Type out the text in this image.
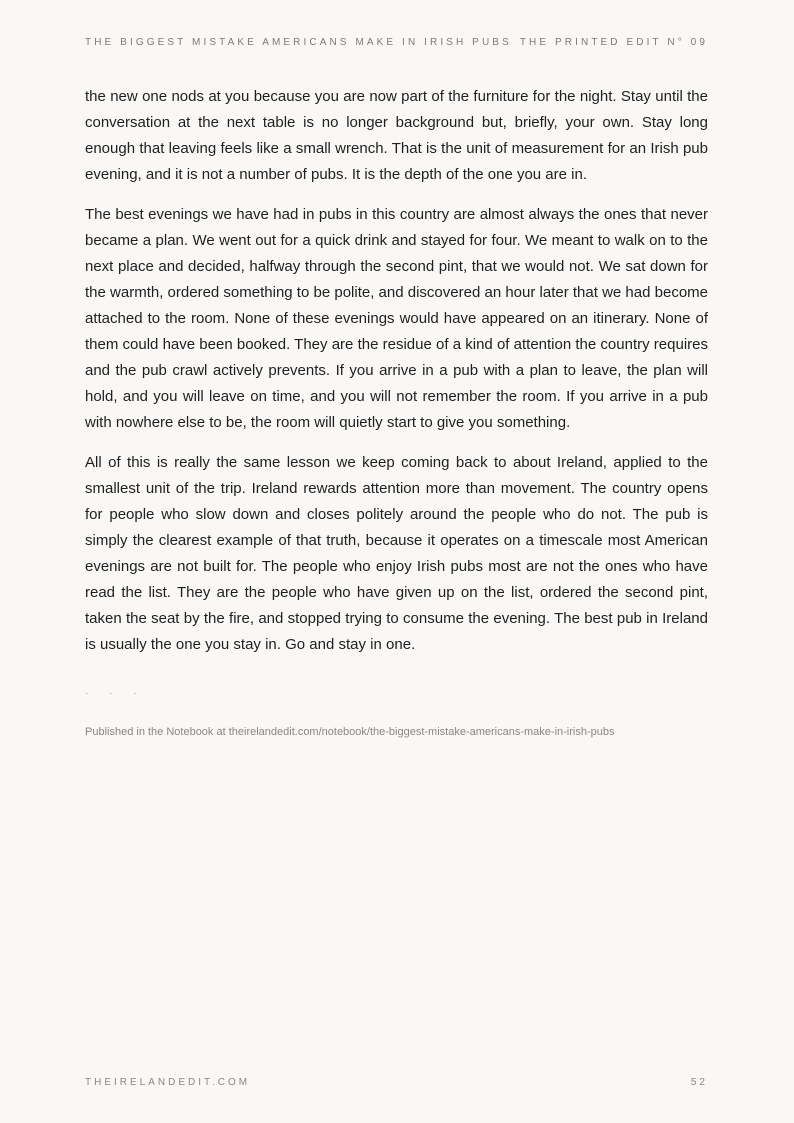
THE BIGGEST MISTAKE AMERICANS MAKE IN IRISH PUBS THE PRINTED EDIT N° 09

the new one nods at you because you are now part of the furniture for the night. Stay until the conversation at the next table is no longer background but, briefly, your own. Stay long enough that leaving feels like a small wrench. That is the unit of measurement for an Irish pub evening, and it is not a number of pubs. It is the depth of the one you are in.

The best evenings we have had in pubs in this country are almost always the ones that never became a plan. We went out for a quick drink and stayed for four. We meant to walk on to the next place and decided, halfway through the second pint, that we would not. We sat down for the warmth, ordered something to be polite, and discovered an hour later that we had become attached to the room. None of these evenings would have appeared on an itinerary. None of them could have been booked. They are the residue of a kind of attention the country requires and the pub crawl actively prevents. If you arrive in a pub with a plan to leave, the plan will hold, and you will leave on time, and you will not remember the room. If you arrive in a pub with nowhere else to be, the room will quietly start to give you something.

All of this is really the same lesson we keep coming back to about Ireland, applied to the smallest unit of the trip. Ireland rewards attention more than movement. The country opens for people who slow down and closes politely around the people who do not. The pub is simply the clearest example of that truth, because it operates on a timescale most American evenings are not built for. The people who enjoy Irish pubs most are not the ones who have read the list. They are the people who have given up on the list, ordered the second pint, taken the seat by the fire, and stopped trying to consume the evening. The best pub in Ireland is usually the one you stay in. Go and stay in one.

· · ·
Published in the Notebook at theirelandedit.com/notebook/the-biggest-mistake-americans-make-in-irish-pubs
THEIRELANDEDIT.COM	52
